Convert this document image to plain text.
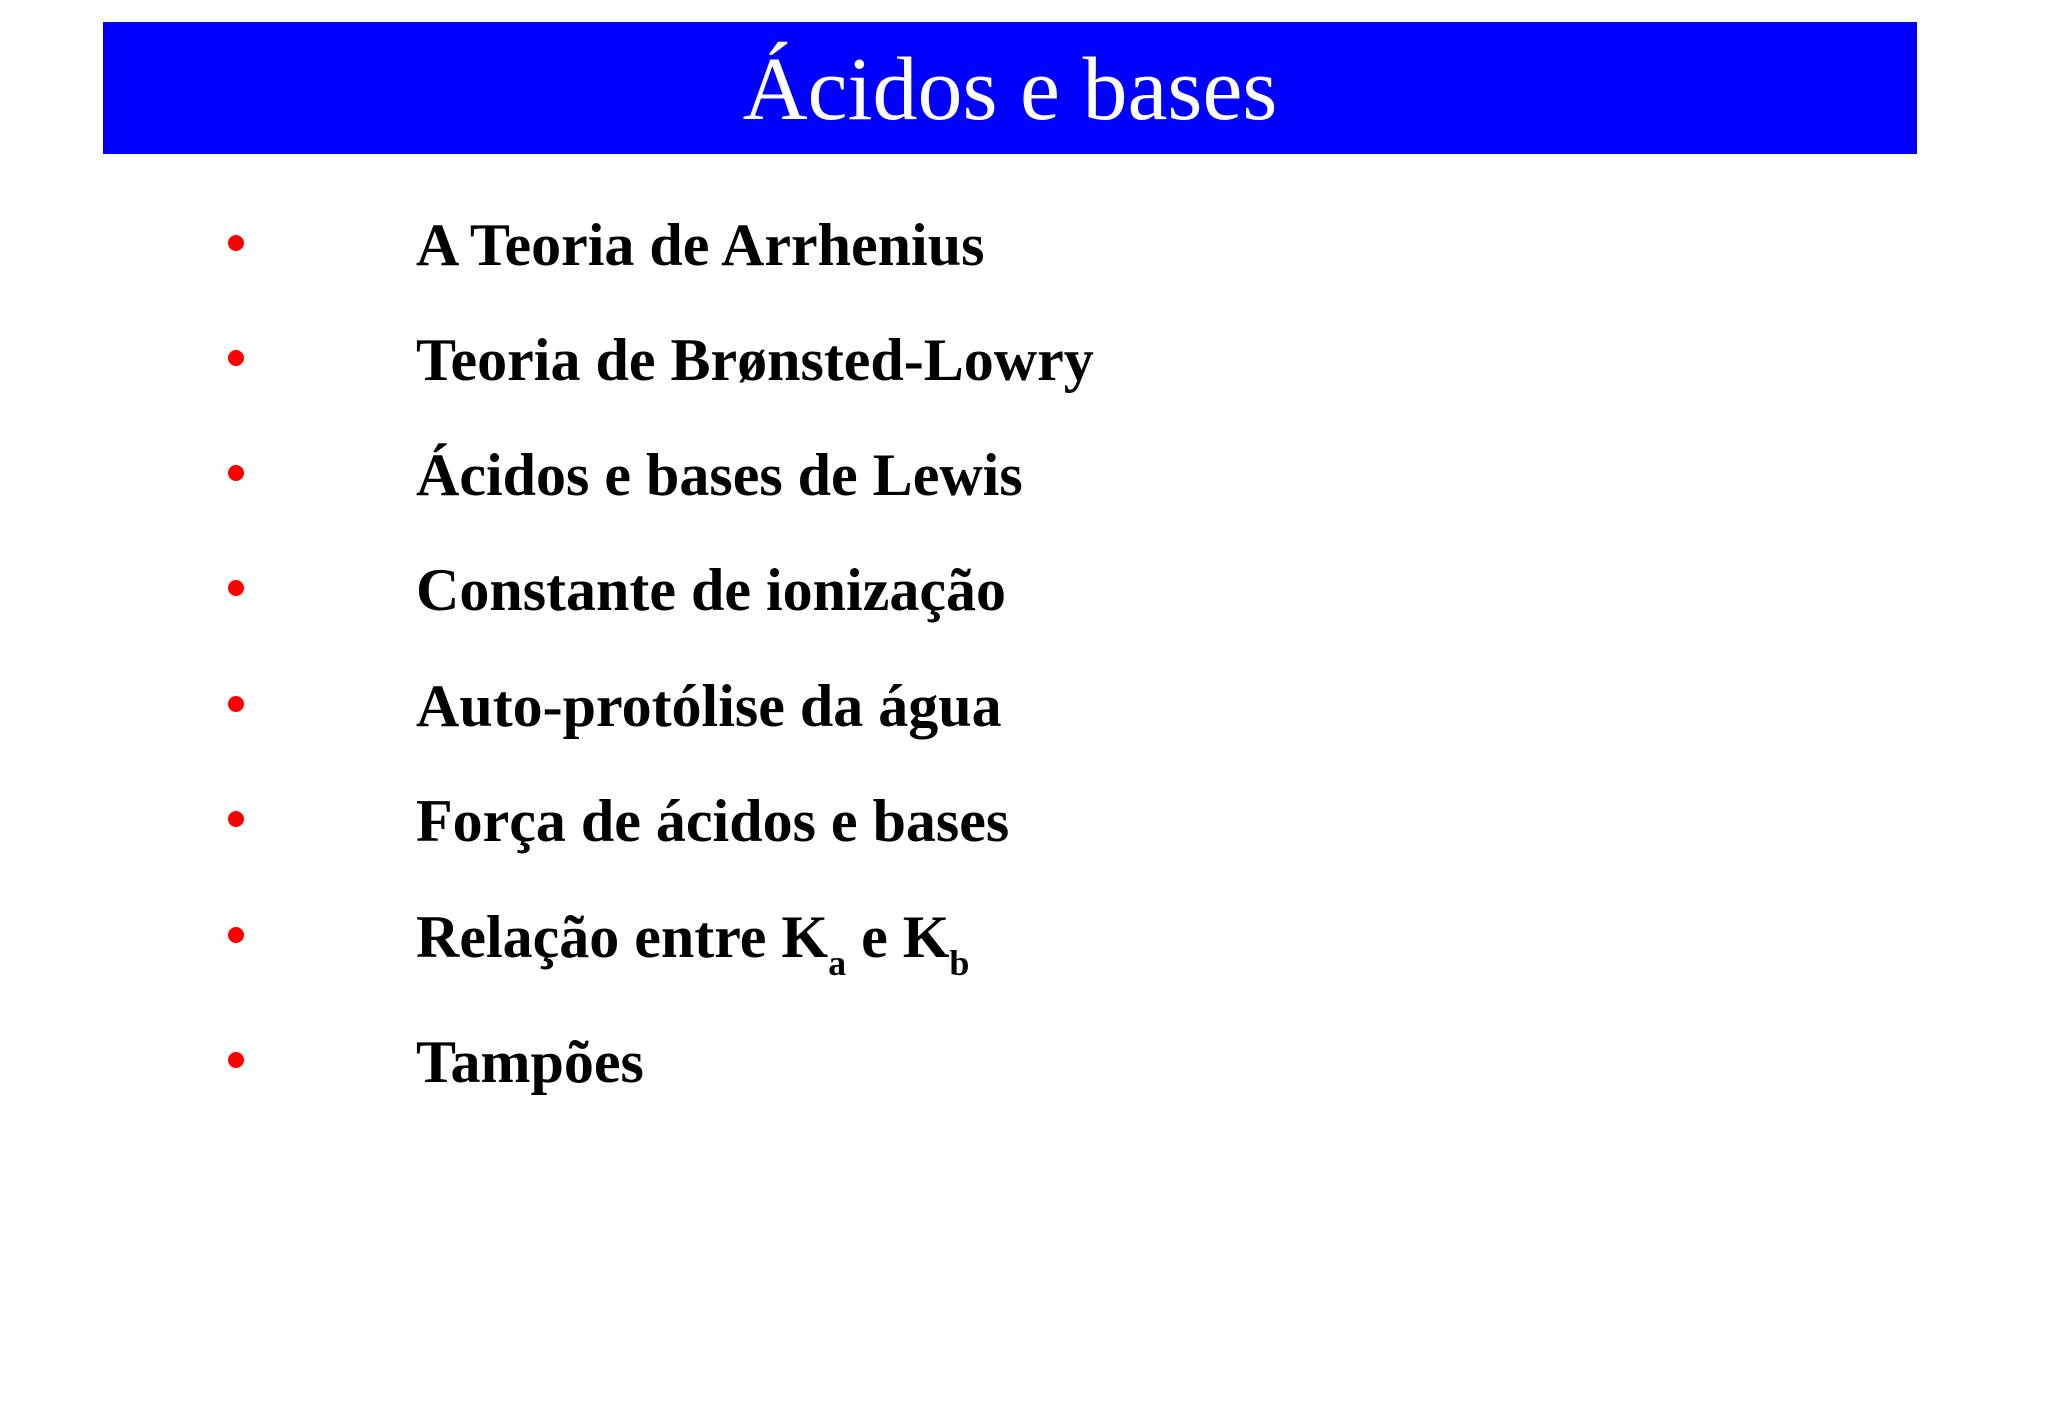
Ácidos e bases
A Teoria de Arrhenius
Teoria de Brønsted-Lowry
Ácidos e bases de Lewis
Constante de ionização
Auto-protólise da água
Força de ácidos e bases
Relação entre $K_a$ e $K_b$
Tampões
